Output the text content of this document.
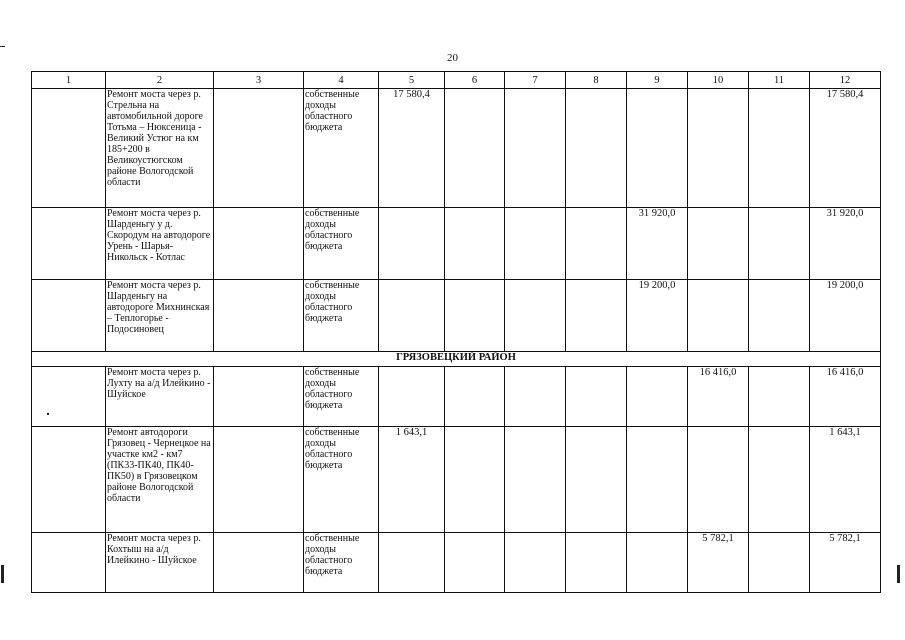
20
1	2	3	4	5	6	7	8	9	10	11	12
	Ремонт моста через р. Стрельна на автомобильной дороге Тотьма – Нюксеница - Великий Устюг на км 185+200 в Великоустюгском районе Вологодской области		собственные доходы областного бюджета	17 580,4							17 580,4
	Ремонт моста через р. Шарденьгу у д. Скородум на автодороге Урень - Шарья-Никольск - Котлас		собственные доходы областного бюджета					31 920,0			31 920,0
	Ремонт моста через р. Шарденьгу на автодороге Михнинская – Теплогорье - Подосиновец		собственные доходы областного бюджета					19 200,0			19 200,0
ГРЯЗОВЕЦКИЙ РАЙОН											
	Ремонт моста через р. Лухту на а/д Илейкино - Шуйское		собственные доходы областного бюджета						16 416,0		16 416,0
	Ремонт автодороги Грязовец - Чернецкое на участке км2 - км7 (ПК33-ПК40, ПК40-ПК50) в Грязовецком районе Вологодской области		собственные доходы областного бюджета	1 643,1							1 643,1
	Ремонт моста через р. Кохтыш на а/д Илейкино - Шуйское		собственные доходы областного бюджета						5 782,1		5 782,1
